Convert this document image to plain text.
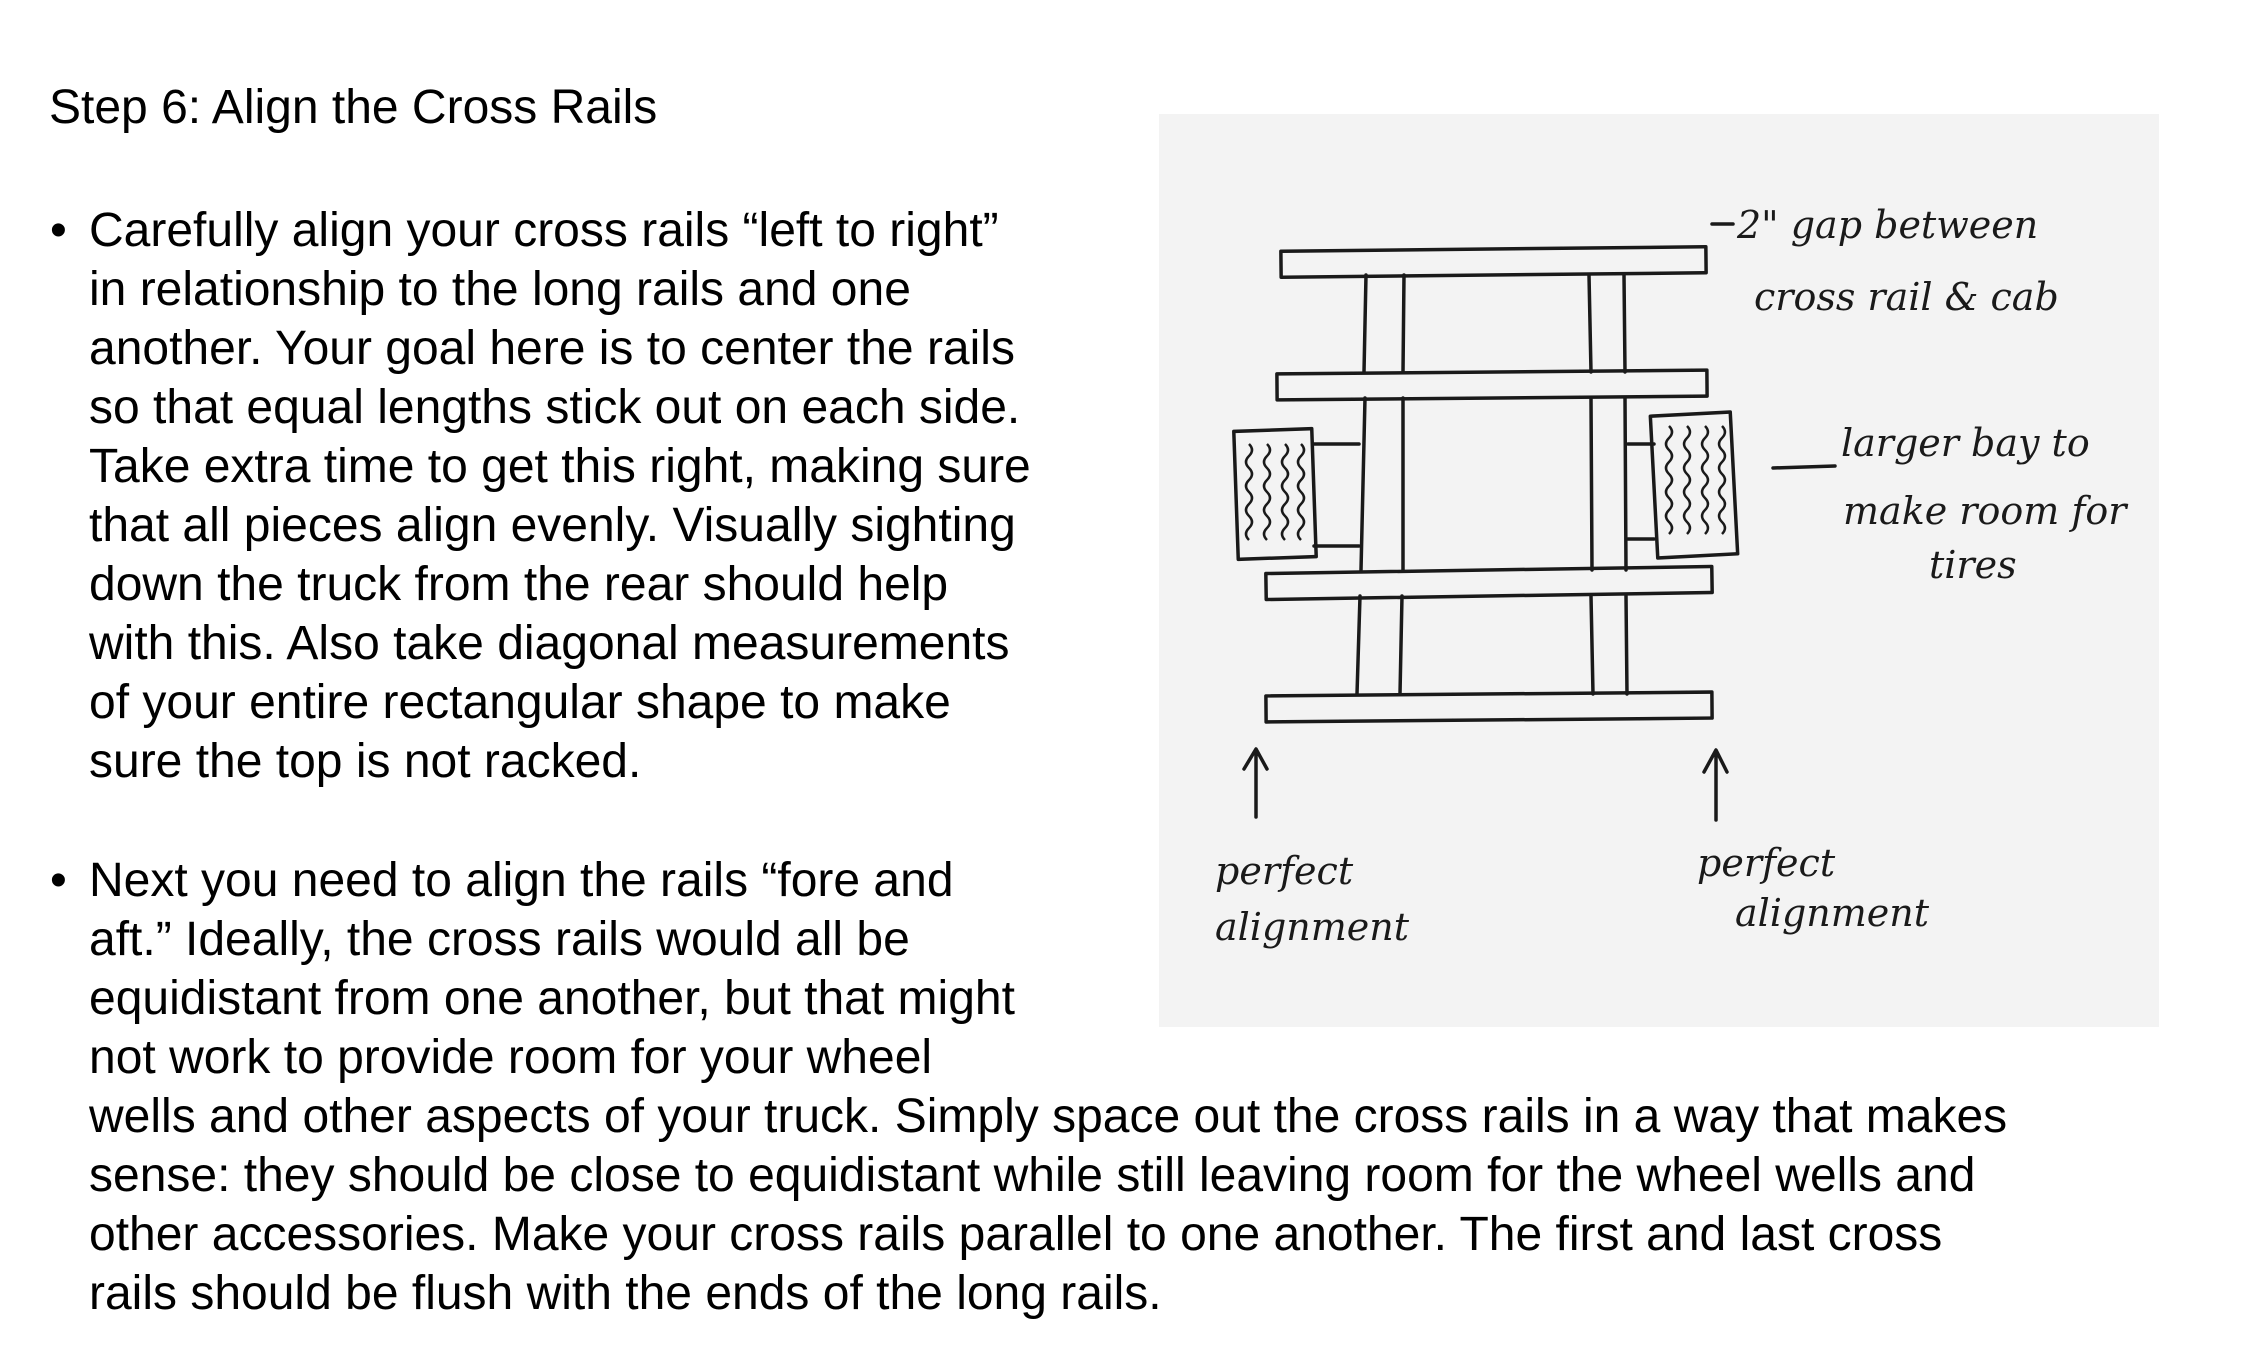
Step 6: Align the Cross Rails
• Carefully align your cross rails “left to right”
in relationship to the long rails and one
another. Your goal here is to center the rails
so that equal lengths stick out on each side.
Take extra time to get this right, making sure
that all pieces align evenly. Visually sighting
down the truck from the rear should help
with this. Also take diagonal measurements
of your entire rectangular shape to make
sure the top is not racked.
• Next you need to align the rails “fore and
aft.” Ideally, the cross rails would all be
equidistant from one another, but that might
not work to provide room for your wheel
wells and other aspects of your truck. Simply space out the cross rails in a way that makes
sense: they should be close to equidistant while still leaving room for the wheel wells and
other accessories. Make your cross rails parallel to one another. The first and last cross
rails should be flush with the ends of the long rails.
2" gap between
cross rail & cab
larger bay to
make room for
tires
perfect
alignment
perfect
alignment
